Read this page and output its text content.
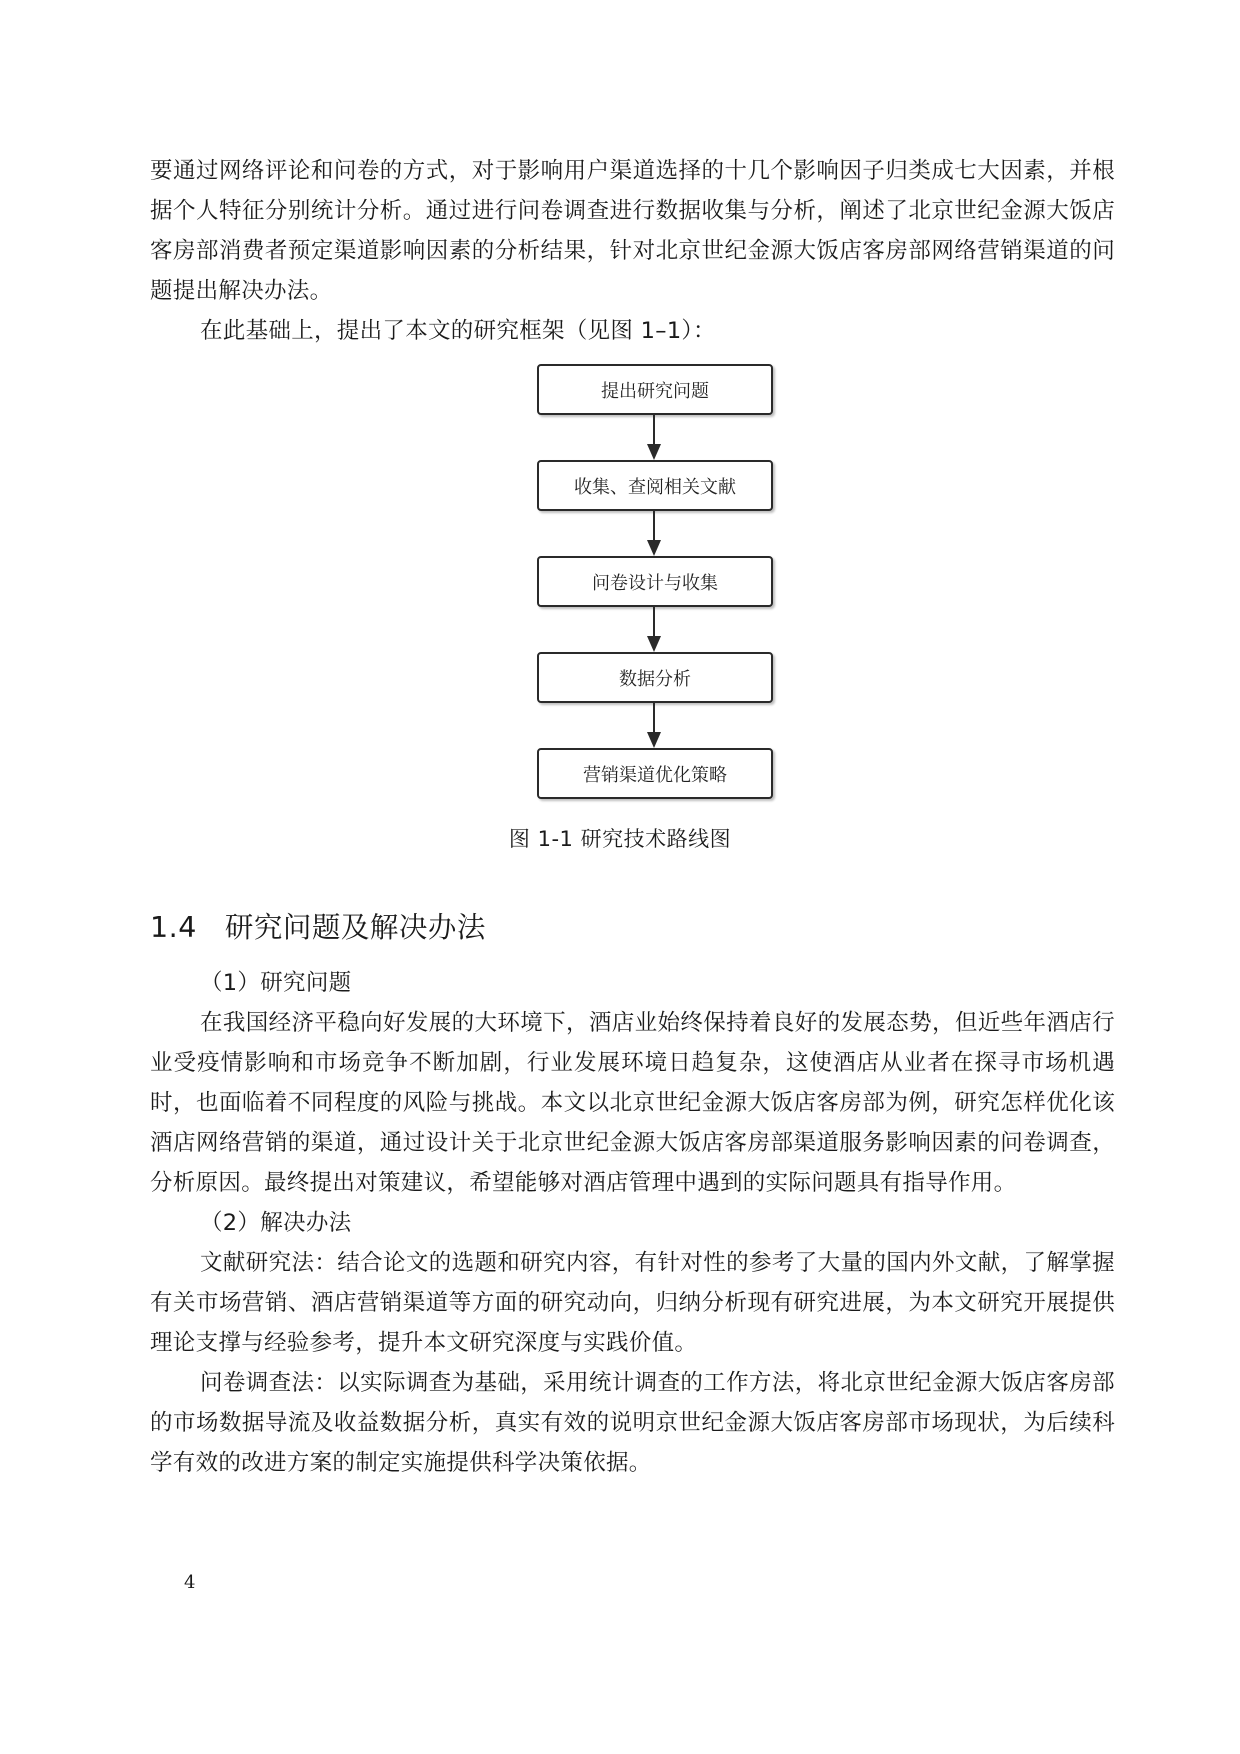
要通过网络评论和问卷的方式，对于影响用户渠道选择的十几个影响因子归类成七大因素，并根据个人特征分别统计分析。通过进行问卷调查进行数据收集与分析，阐述了北京世纪金源大饭店客房部消费者预定渠道影响因素的分析结果，针对北京世纪金源大饭店客房部网络营销渠道的问题提出解决办法。

在此基础上，提出了本文的研究框架（见图 1–1）：

提出研究问题
收集、查阅相关文献
问卷设计与收集
数据分析
营销渠道优化策略
图 1-1 研究技术路线图
1.4 研究问题及解决办法

（1）研究问题

在我国经济平稳向好发展的大环境下，酒店业始终保持着良好的发展态势，但近些年酒店行业受疫情影响和市场竞争不断加剧，行业发展环境日趋复杂，这使酒店从业者在探寻市场机遇时，也面临着不同程度的风险与挑战。本文以北京世纪金源大饭店客房部为例，研究怎样优化该酒店网络营销的渠道，通过设计关于北京世纪金源大饭店客房部渠道服务影响因素的问卷调查，分析原因。最终提出对策建议，希望能够对酒店管理中遇到的实际问题具有指导作用。

（2）解决办法

文献研究法：结合论文的选题和研究内容，有针对性的参考了大量的国内外文献，了解掌握有关市场营销、酒店营销渠道等方面的研究动向，归纳分析现有研究进展，为本文研究开展提供理论支撑与经验参考，提升本文研究深度与实践价值。

问卷调查法：以实际调查为基础，采用统计调查的工作方法，将北京世纪金源大饭店客房部的市场数据导流及收益数据分析，真实有效的说明京世纪金源大饭店客房部市场现状，为后续科学有效的改进方案的制定实施提供科学决策依据。

4
